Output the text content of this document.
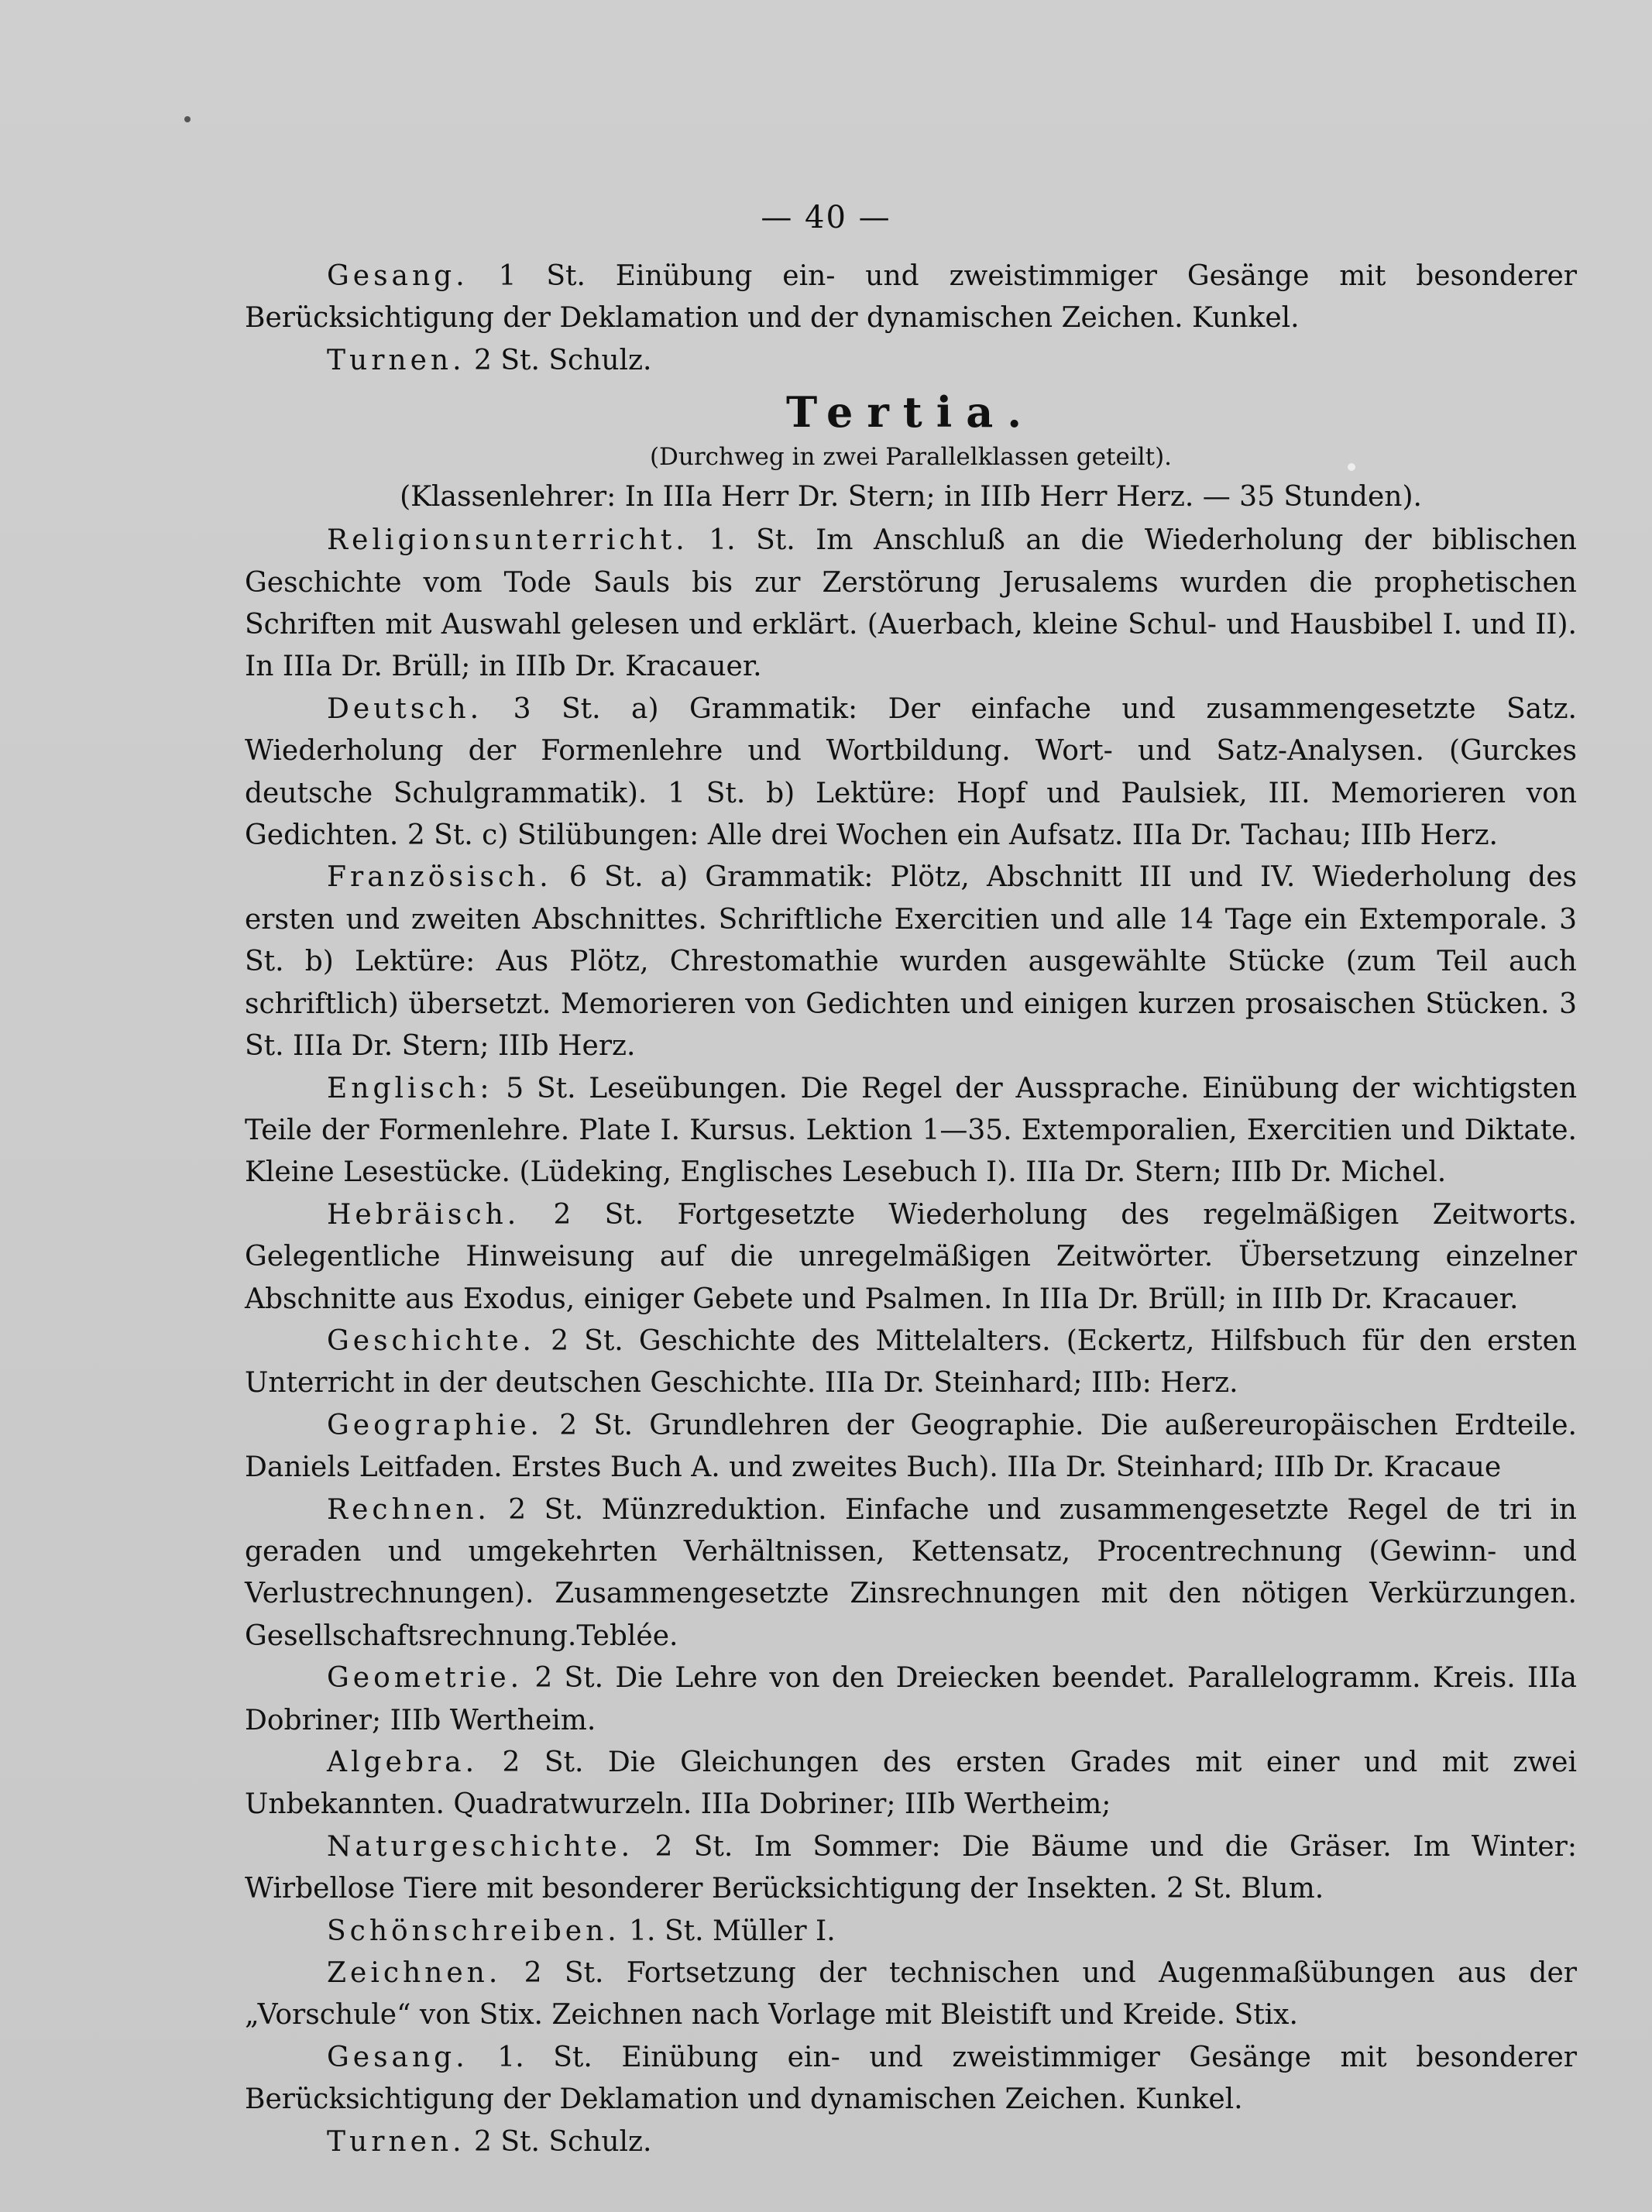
— 40 —

Gesang. 1 St. Einübung ein- und zweistimmiger Gesänge mit besonderer Berücksichtigung der Deklamation und der dynamischen Zeichen. Kunkel.

Turnen. 2 St. Schulz.

Tertia.

(Durchweg in zwei Parallelklassen geteilt).

(Klassenlehrer: In IIIa Herr Dr. Stern; in IIIb Herr Herz. — 35 Stunden).

Religionsunterricht. 1. St. Im Anschluß an die Wiederholung der biblischen Geschichte vom Tode Sauls bis zur Zerstörung Jerusalems wurden die prophetischen Schriften mit Auswahl gelesen und erklärt. (Auerbach, kleine Schul- und Hausbibel I. und II). In IIIa Dr. Brüll; in IIIb Dr. Kracauer.

Deutsch. 3 St. a) Grammatik: Der einfache und zusammengesetzte Satz. Wiederholung der Formenlehre und Wortbildung. Wort- und Satz-Analysen. (Gurckes deutsche Schulgrammatik). 1 St. b) Lektüre: Hopf und Paulsiek, III. Memorieren von Gedichten. 2 St. c) Stilübungen: Alle drei Wochen ein Aufsatz. IIIa Dr. Tachau; IIIb Herz.

Französisch. 6 St. a) Grammatik: Plötz, Abschnitt III und IV. Wiederholung des ersten und zweiten Abschnittes. Schriftliche Exercitien und alle 14 Tage ein Extemporale. 3 St. b) Lektüre: Aus Plötz, Chrestomathie wurden ausgewählte Stücke (zum Teil auch schriftlich) übersetzt. Memorieren von Gedichten und einigen kurzen prosaischen Stücken. 3 St. IIIa Dr. Stern; IIIb Herz.

Englisch: 5 St. Leseübungen. Die Regel der Aussprache. Einübung der wichtigsten Teile der Formenlehre. Plate I. Kursus. Lektion 1—35. Extemporalien, Exercitien und Diktate. Kleine Lesestücke. (Lüdeking, Englisches Lesebuch I). IIIa Dr. Stern; IIIb Dr. Michel.

Hebräisch. 2 St. Fortgesetzte Wiederholung des regelmäßigen Zeitworts. Gelegentliche Hinweisung auf die unregelmäßigen Zeitwörter. Übersetzung einzelner Abschnitte aus Exodus, einiger Gebete und Psalmen. In IIIa Dr. Brüll; in IIIb Dr. Kracauer.

Geschichte. 2 St. Geschichte des Mittelalters. (Eckertz, Hilfsbuch für den ersten Unterricht in der deutschen Geschichte. IIIa Dr. Steinhard; IIIb: Herz.

Geographie. 2 St. Grundlehren der Geographie. Die außereuropäischen Erdteile. Daniels Leitfaden. Erstes Buch A. und zweites Buch). IIIa Dr. Steinhard; IIIb Dr. Kracaue

Rechnen. 2 St. Münzreduktion. Einfache und zusammengesetzte Regel de tri in geraden und umgekehrten Verhältnissen, Kettensatz, Procentrechnung (Gewinn- und Verlustrechnungen). Zusammengesetzte Zinsrechnungen mit den nötigen Verkürzungen. Gesellschaftsrechnung.Teblée.

Geometrie. 2 St. Die Lehre von den Dreiecken beendet. Parallelogramm. Kreis. IIIa Dobriner; IIIb Wertheim.

Algebra. 2 St. Die Gleichungen des ersten Grades mit einer und mit zwei Unbekannten. Quadratwurzeln. IIIa Dobriner; IIIb Wertheim;

Naturgeschichte. 2 St. Im Sommer: Die Bäume und die Gräser. Im Winter: Wirbellose Tiere mit besonderer Berücksichtigung der Insekten. 2 St. Blum.

Schönschreiben. 1. St. Müller I.

Zeichnen. 2 St. Fortsetzung der technischen und Augenmaßübungen aus der „Vorschule“ von Stix. Zeichnen nach Vorlage mit Bleistift und Kreide. Stix.

Gesang. 1. St. Einübung ein- und zweistimmiger Gesänge mit besonderer Berücksichtigung der Deklamation und dynamischen Zeichen. Kunkel.

Turnen. 2 St. Schulz.
